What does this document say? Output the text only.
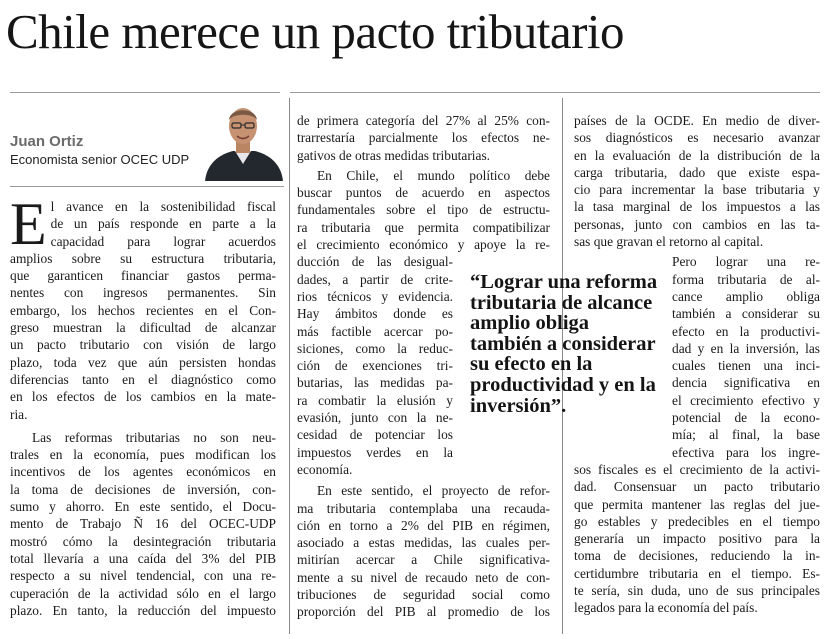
Chile merece un pacto tributario
Juan Ortiz
Economista senior OCEC UDP

E l avance en la sostenibilidad fiscal
de un país responde en parte a la
capacidad para lograr acuerdos
amplios sobre su estructura tributaria,
que garanticen financiar gastos perma-
nentes con ingresos permanentes. Sin
embargo, los hechos recientes en el Con-
greso muestran la dificultad de alcanzar
un pacto tributario con visión de largo
plazo, toda vez que aún persisten hondas
diferencias tanto en el diagnóstico como
en los efectos de los cambios en la mate-
ria.

Las reformas tributarias no son neu-
trales en la economía, pues modifican los
incentivos de los agentes económicos en
la toma de decisiones de inversión, con-
sumo y ahorro. En este sentido, el Docu-
mento de Trabajo Ñ 16 del OCEC-UDP
mostró cómo la desintegración tributaria
total llevaría a una caída del 3% del PIB
respecto a su nivel tendencial, con una re-
cuperación de la actividad sólo en el largo
plazo. En tanto, la reducción del impuesto

de primera categoría del 27% al 25% con-
trarrestaría parcialmente los efectos ne-
gativos de otras medidas tributarias.

En Chile, el mundo político debe
buscar puntos de acuerdo en aspectos
fundamentales sobre el tipo de estructu-
ra tributaria que permita compatibilizar
el crecimiento económico y apoye la re-
ducción de las desigual-
dades, a partir de crite-
rios técnicos y evidencia.
Hay ámbitos donde es
más factible acercar po-
siciones, como la reduc-
ción de exenciones tri-
butarias, las medidas pa-
ra combatir la elusión y
evasión, junto con la ne-
cesidad de potenciar los
impuestos verdes en la
economía.

En este sentido, el proyecto de refor-
ma tributaria contemplaba una recauda-
ción en torno a 2% del PIB en régimen,
asociado a estas medidas, las cuales per-
mitirían acercar a Chile significativa-
mente a su nivel de recaudo neto de con-
tribuciones de seguridad social como
proporción del PIB al promedio de los

“Lograr una reforma tributaria de alcance amplio obliga también a considerar su efecto en la productividad y en la inversión”.

países de la OCDE. En medio de diver-
sos diagnósticos es necesario avanzar
en la evaluación de la distribución de la
carga tributaria, dado que existe espa-
cio para incrementar la base tributaria y
la tasa marginal de los impuestos a las
personas, junto con cambios en las ta-
sas que gravan el retorno al capital.

Pero lograr una re-
forma tributaria de al-
cance amplio obliga
también a considerar su
efecto en la productivi-
dad y en la inversión, las
cuales tienen una inci-
dencia significativa en
el crecimiento efectivo y
potencial de la econo-
mía; al final, la base
efectiva para los ingre-
sos fiscales es el crecimiento de la activi-
dad. Consensuar un pacto tributario
que permita mantener las reglas del jue-
go estables y predecibles en el tiempo
generaría un impacto positivo para la
toma de decisiones, reduciendo la in-
certidumbre tributaria en el tiempo. Es-
te sería, sin duda, uno de sus principales
legados para la economía del país.
